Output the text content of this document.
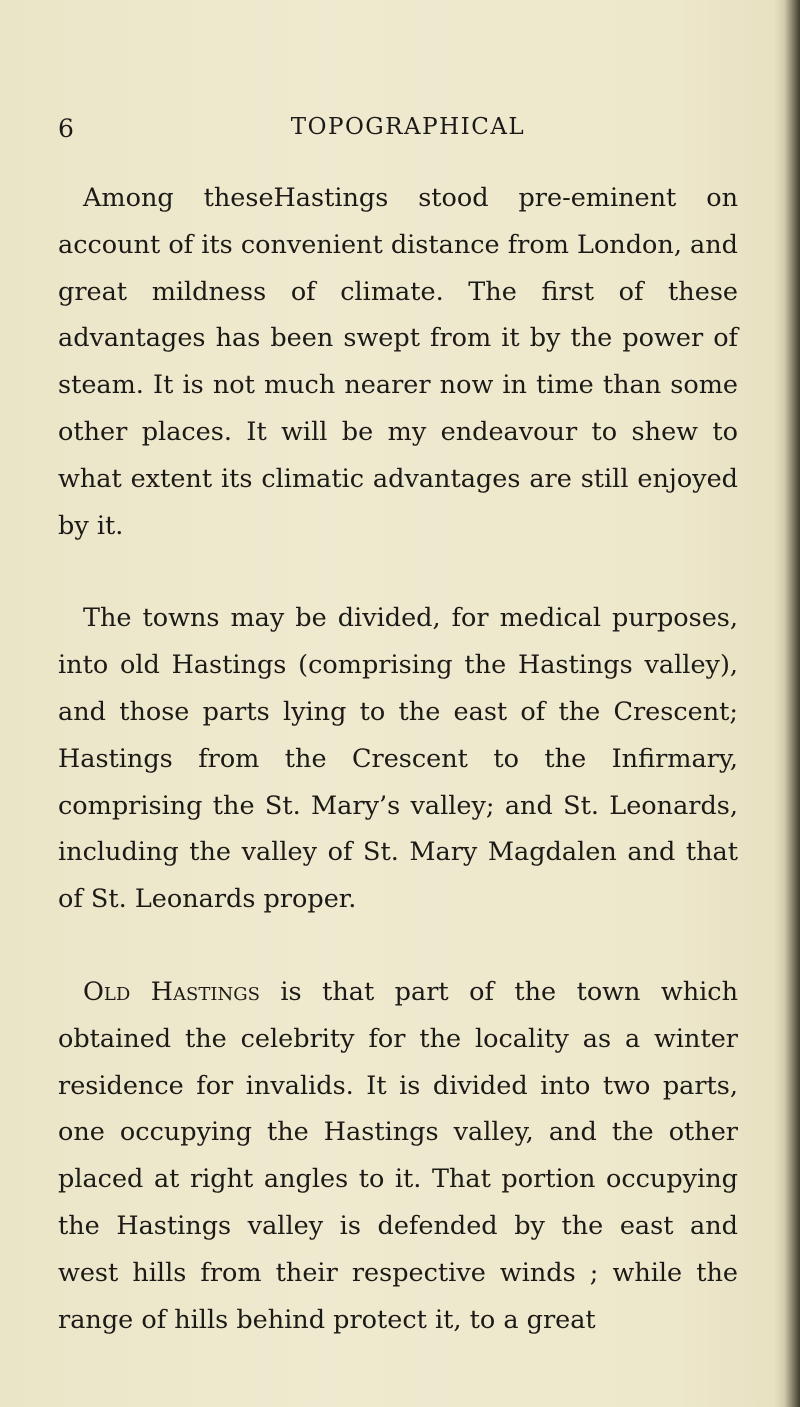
6	TOPOGRAPHICAL

Among theseHastings stood pre-eminent on account of its convenient distance from London, and great mildness of climate. The first of these advantages has been swept from it by the power of steam. It is not much nearer now in time than some other places. It will be my endeavour to shew to what extent its climatic advantages are still enjoyed by it.

The towns may be divided, for medical purposes, into old Hastings (comprising the Hastings valley), and those parts lying to the east of the Crescent; Hastings from the Crescent to the Infirmary, comprising the St. Mary’s valley; and St. Leonards, including the valley of St. Mary Magdalen and that of St. Leonards proper.

Old Hastings is that part of the town which obtained the celebrity for the locality as a winter residence for invalids. It is divided into two parts, one occupying the Hastings valley, and the other placed at right angles to it. That portion occupying the Hastings valley is defended by the east and west hills from their respective winds ; while the range of hills behind protect it, to a great
